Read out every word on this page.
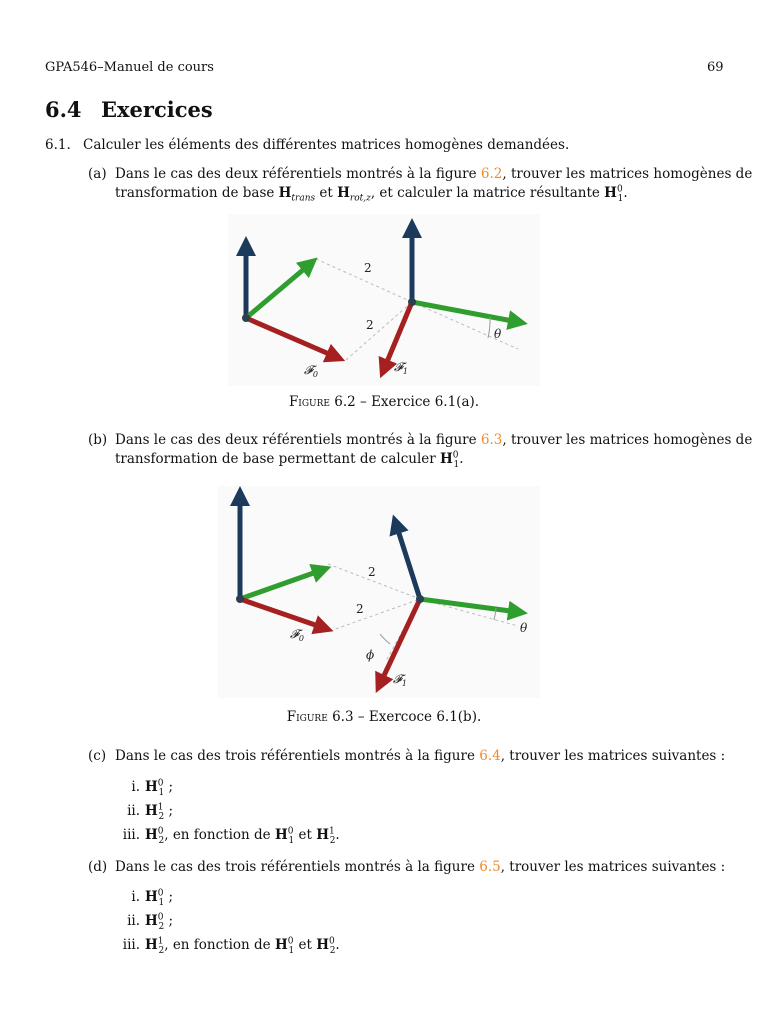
GPA546–Manuel de cours	69
6.4 Exercices
6.1. Calculer les éléments des différentes matrices homogènes demandées.
(a) Dans le cas des deux référentiels montrés à la figure 6.2, trouver les matrices homogènes de
transformation de base $H_{trans}$ et $H_{rot,z}$, et calculer la matrice résultante $H^0_1$.
2
2
θ
𝓕$_0$
𝓕$_1$
Figure 6.2 – Exercice 6.1(a).
(b) Dans le cas des deux référentiels montrés à la figure 6.3, trouver les matrices homogènes de
transformation de base permettant de calculer $H^0_1$.
2
2
θ
ϕ
𝓕$_0$
𝓕$_1$
Figure 6.3 – Exercoce 6.1(b).
(c) Dans le cas des trois référentiels montrés à la figure 6.4, trouver les matrices suivantes :
i. $H^0_1$ ;
ii. $H^1_2$ ;
iii. $H^0_2$, en fonction de $H^0_1$ et $H^1_2$.
(d) Dans le cas des trois référentiels montrés à la figure 6.5, trouver les matrices suivantes :
i. $H^0_1$ ;
ii. $H^0_2$ ;
iii. $H^1_2$, en fonction de $H^0_1$ et $H^0_2$.
